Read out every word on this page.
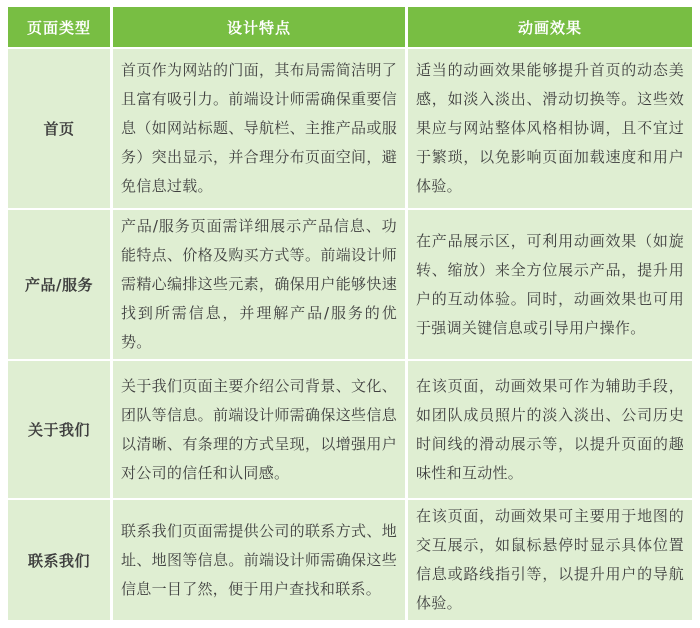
页面类型	设计特点	动画效果
首页	首页作为网站的门面，其布局需简洁明了且富有吸引力。前端设计师需确保重要信息（如网站标题、导航栏、主推产品或服务）突出显示，并合理分布页面空间，避免信息过载。	适当的动画效果能够提升首页的动态美感，如淡入淡出、滑动切换等。这些效果应与网站整体风格相协调，且不宜过于繁琐，以免影响页面加载速度和用户体验。
产品/服务	产品/服务页面需详细展示产品信息、功能特点、价格及购买方式等。前端设计师需精心编排这些元素，确保用户能够快速找到所需信息，并理解产品/服务的优势。	在产品展示区，可利用动画效果（如旋转、缩放）来全方位展示产品，提升用户的互动体验。同时，动画效果也可用于强调关键信息或引导用户操作。
关于我们	关于我们页面主要介绍公司背景、文化、团队等信息。前端设计师需确保这些信息以清晰、有条理的方式呈现，以增强用户对公司的信任和认同感。	在该页面，动画效果可作为辅助手段，如团队成员照片的淡入淡出、公司历史时间线的滑动展示等，以提升页面的趣味性和互动性。
联系我们	联系我们页面需提供公司的联系方式、地址、地图等信息。前端设计师需确保这些信息一目了然，便于用户查找和联系。	在该页面，动画效果可主要用于地图的交互展示，如鼠标悬停时显示具体位置信息或路线指引等，以提升用户的导航体验。
